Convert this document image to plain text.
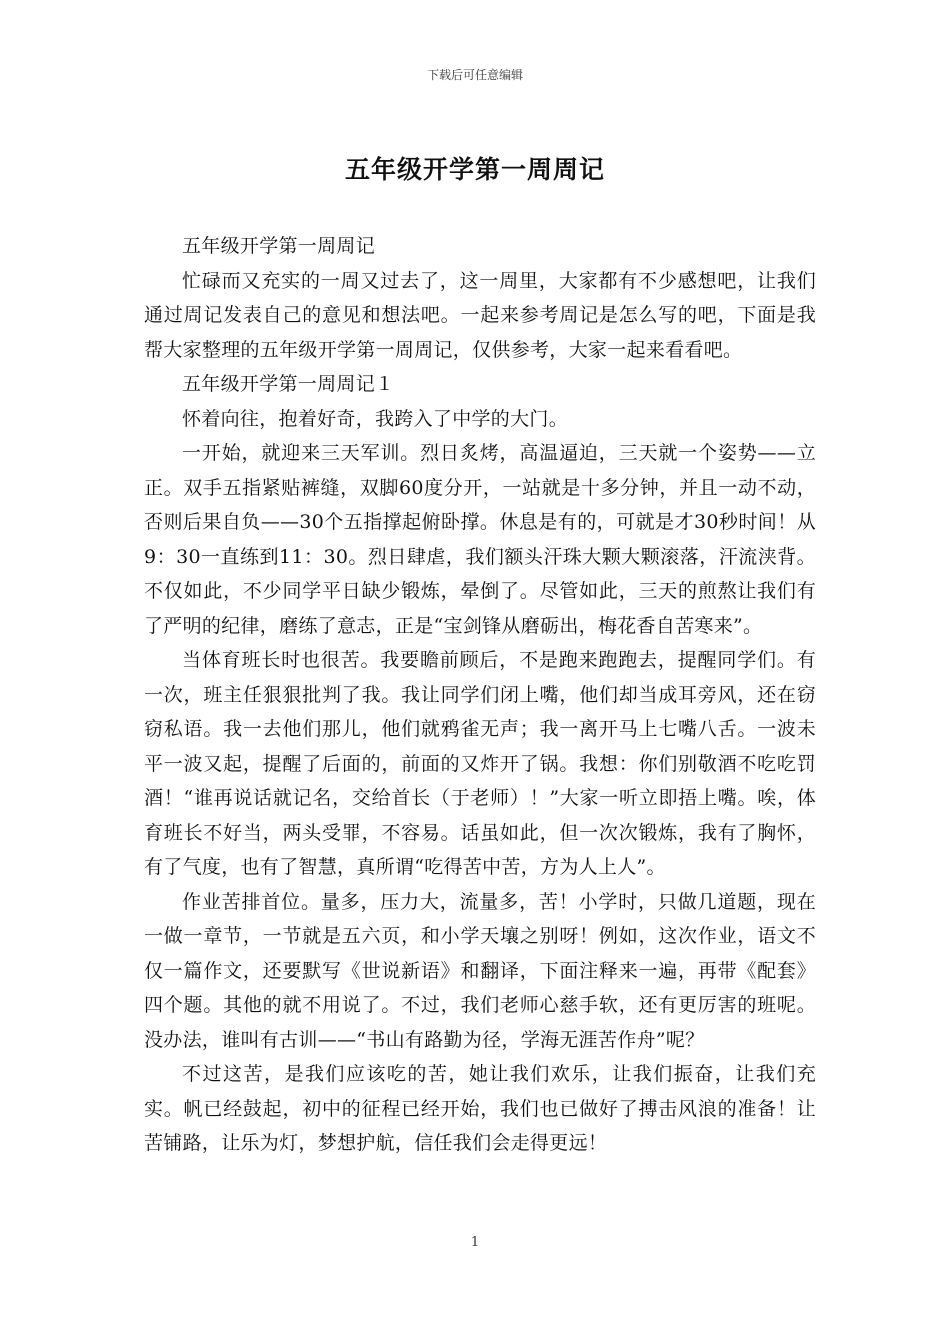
下载后可任意编辑
五年级开学第一周周记

五年级开学第一周周记

忙碌而又充实的一周又过去了，这一周里，大家都有不少感想吧，让我们通过周记发表自己的意见和想法吧。一起来参考周记是怎么写的吧，下面是我帮大家整理的五年级开学第一周周记，仅供参考，大家一起来看看吧。

五年级开学第一周周记１

怀着向往，抱着好奇，我跨入了中学的大门。

一开始，就迎来三天军训。烈日炙烤，高温逼迫，三天就一个姿势——立正。双手五指紧贴裤缝，双脚60度分开，一站就是十多分钟，并且一动不动，否则后果自负——30个五指撑起俯卧撑。休息是有的，可就是才30秒时间！从9：30一直练到11：30。烈日肆虐，我们额头汗珠大颗大颗滚落，汗流浃背。不仅如此，不少同学平日缺少锻炼，晕倒了。尽管如此，三天的煎熬让我们有了严明的纪律，磨练了意志，正是“宝剑锋从磨砺出，梅花香自苦寒来”。

当体育班长时也很苦。我要瞻前顾后，不是跑来跑跑去，提醒同学们。有一次，班主任狠狠批判了我。我让同学们闭上嘴，他们却当成耳旁风，还在窃窃私语。我一去他们那儿，他们就鸦雀无声；我一离开马上七嘴八舌。一波未平一波又起，提醒了后面的，前面的又炸开了锅。我想：你们别敬酒不吃吃罚酒！“谁再说话就记名，交给首长（于老师）！”大家一听立即捂上嘴。唉，体育班长不好当，两头受罪，不容易。话虽如此，但一次次锻炼，我有了胸怀，有了气度，也有了智慧，真所谓“吃得苦中苦，方为人上人”。

作业苦排首位。量多，压力大，流量多，苦！小学时，只做几道题，现在一做一章节，一节就是五六页，和小学天壤之别呀！例如，这次作业，语文不仅一篇作文，还要默写《世说新语》和翻译，下面注释来一遍，再带《配套》四个题。其他的就不用说了。不过，我们老师心慈手软，还有更厉害的班呢。没办法，谁叫有古训——“书山有路勤为径，学海无涯苦作舟”呢？

不过这苦，是我们应该吃的苦，她让我们欢乐，让我们振奋，让我们充实。帆已经鼓起，初中的征程已经开始，我们也已做好了搏击风浪的准备！让苦铺路，让乐为灯，梦想护航，信任我们会走得更远！

1
